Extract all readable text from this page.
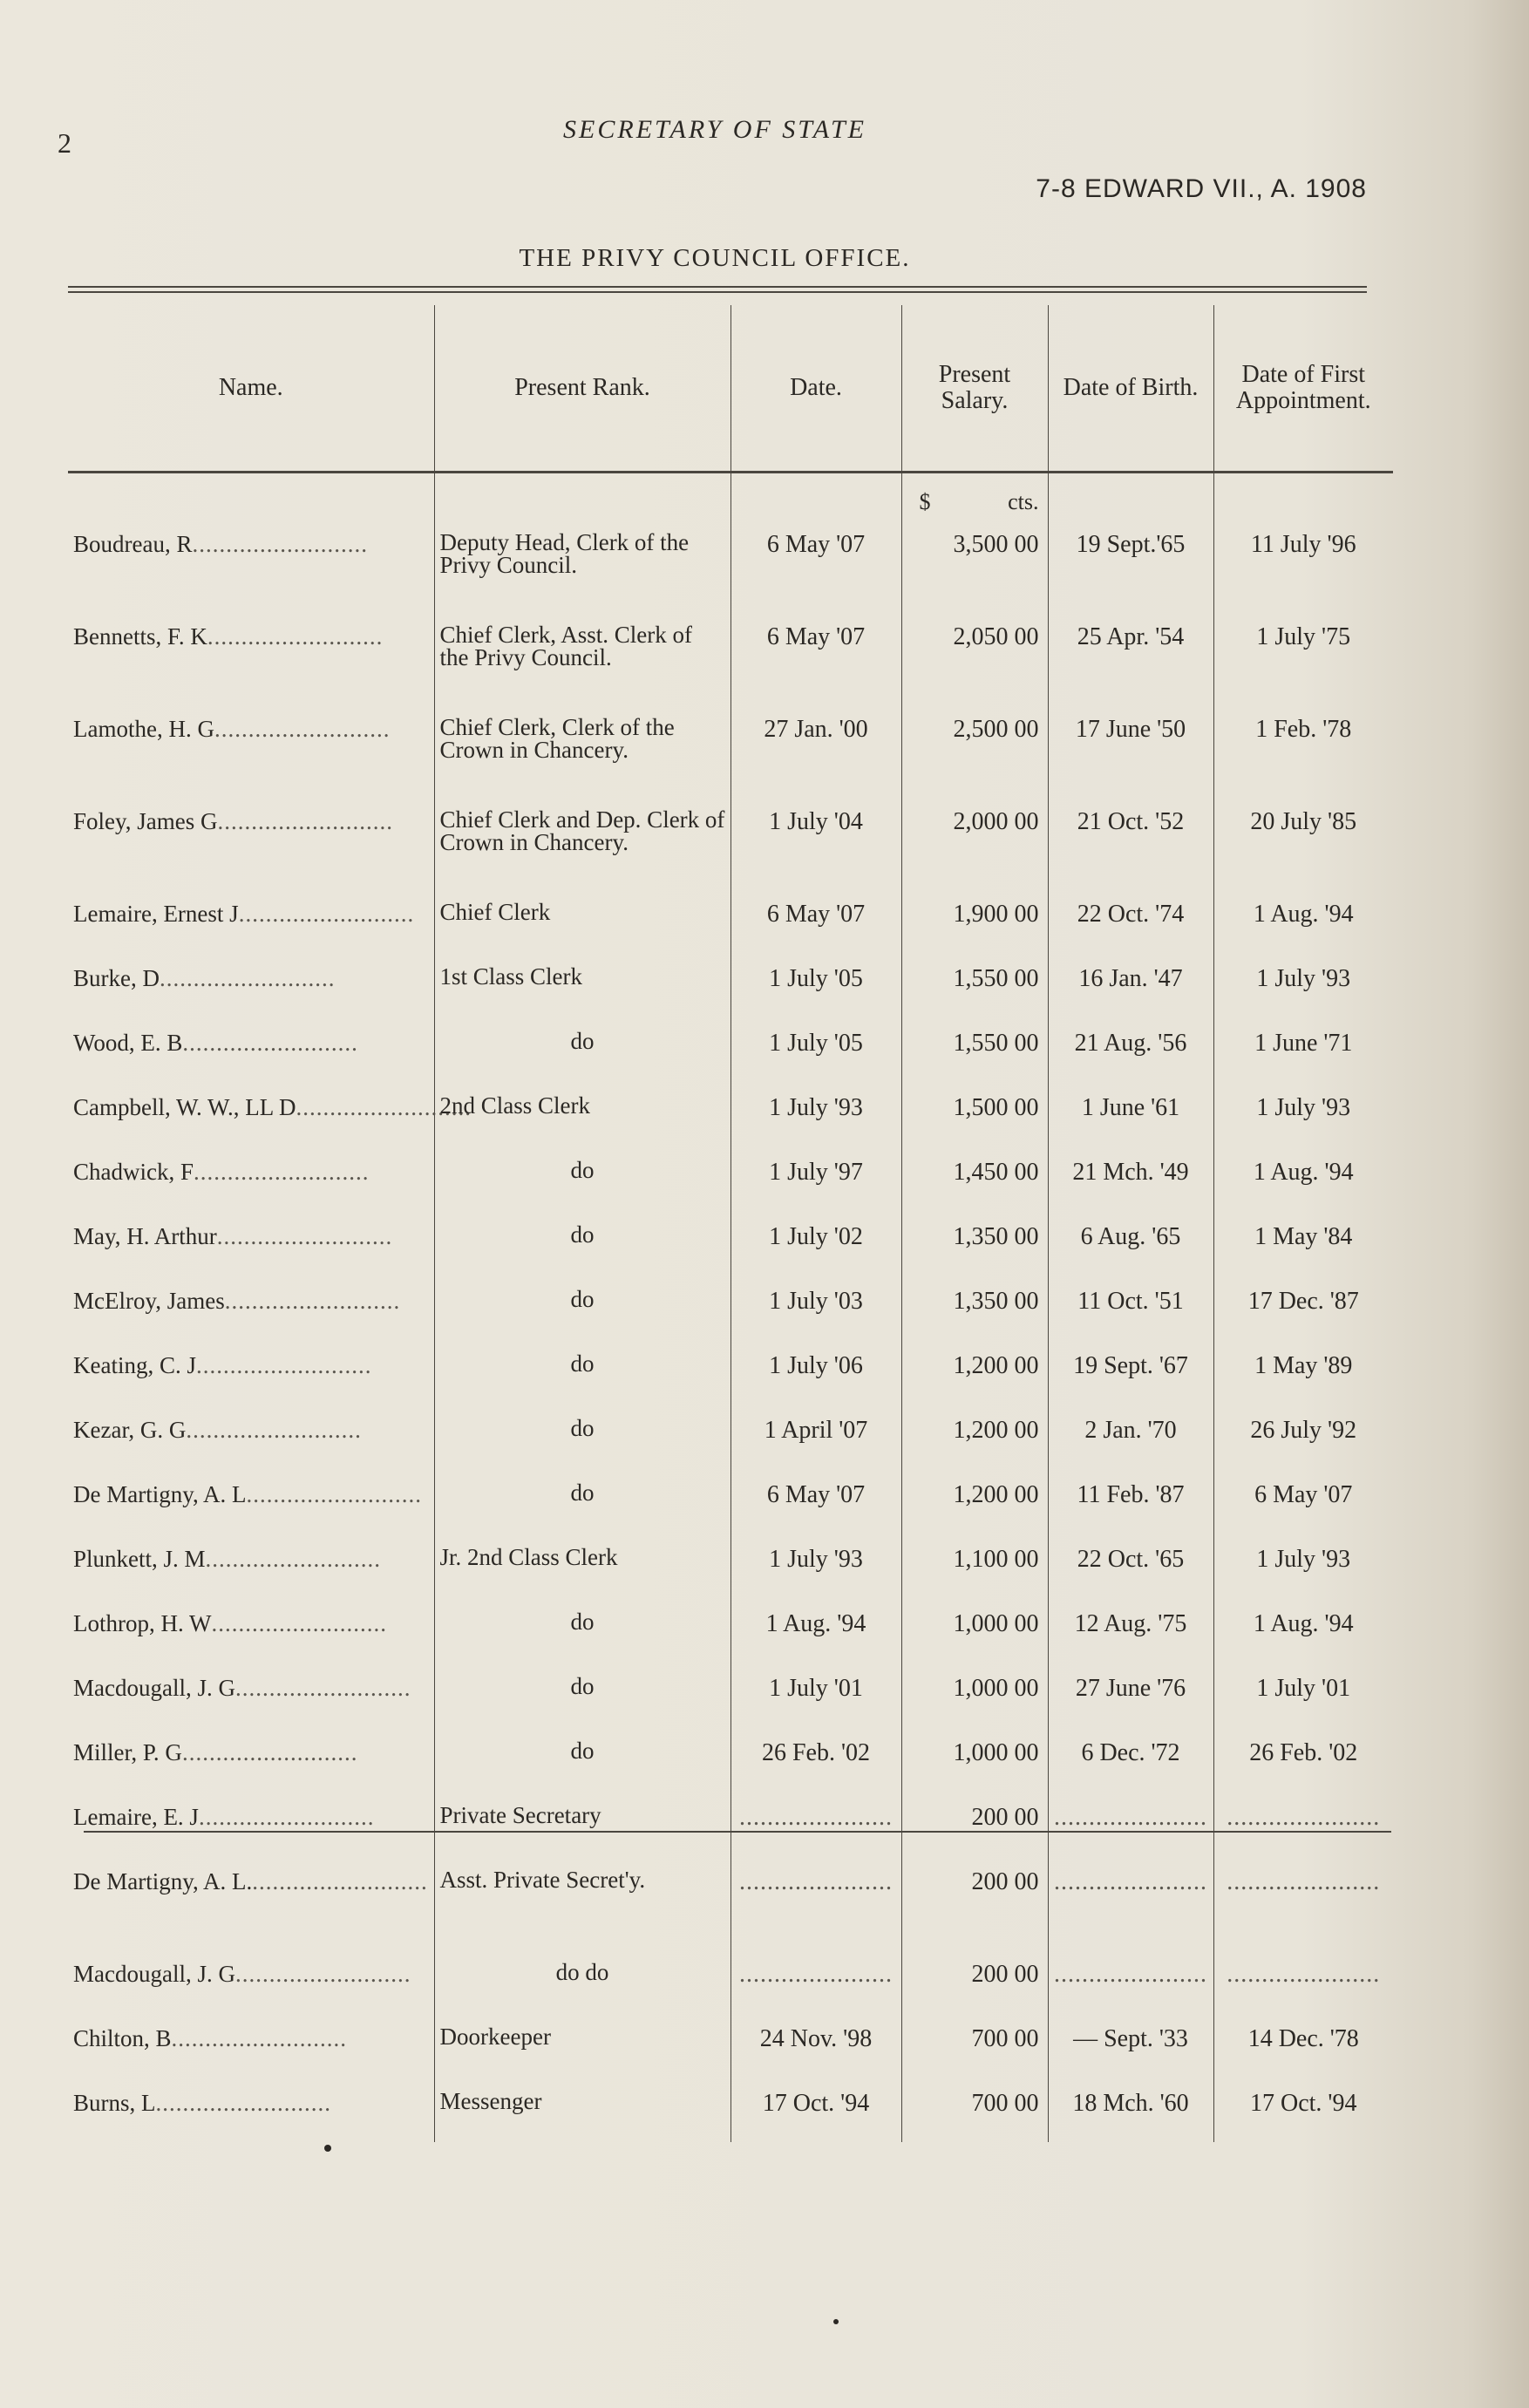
2	SECRETARY OF STATE
7-8 EDWARD VII., A. 1908
THE PRIVY COUNCIL OFFICE.
Name.	Present Rank.	Date.	Present Salary.	Date of Birth.	Date of First Appointment.

			$ cts.		

Boudreau, R..........................	Deputy Head, Clerk of the Privy Council.	6 May '07	3,500 00	19 Sept.'65	11 July '96
Bennetts, F. K..........................	Chief Clerk, Asst. Clerk of the Privy Council.	6 May '07	2,050 00	25 Apr. '54	1 July '75
Lamothe, H. G..........................	Chief Clerk, Clerk of the Crown in Chancery.	27 Jan. '00	2,500 00	17 June '50	1 Feb. '78
Foley, James G..........................	Chief Clerk and Dep. Clerk of Crown in Chancery.	1 July '04	2,000 00	21 Oct. '52	20 July '85
Lemaire, Ernest J..........................	Chief Clerk	6 May '07	1,900 00	22 Oct. '74	1 Aug. '94
Burke, D..........................	1st Class Clerk	1 July '05	1,550 00	16 Jan. '47	1 July '93
Wood, E. B..........................	do	1 July '05	1,550 00	21 Aug. '56	1 June '71
Campbell, W. W., LL D..........................	2nd Class Clerk	1 July '93	1,500 00	1 June '61	1 July '93
Chadwick, F..........................	do	1 July '97	1,450 00	21 Mch. '49	1 Aug. '94
May, H. Arthur..........................	do	1 July '02	1,350 00	6 Aug. '65	1 May '84
McElroy, James..........................	do	1 July '03	1,350 00	11 Oct. '51	17 Dec. '87
Keating, C. J..........................	do	1 July '06	1,200 00	19 Sept. '67	1 May '89
Kezar, G. G..........................	do	1 April '07	1,200 00	2 Jan. '70	26 July '92
De Martigny, A. L..........................	do	6 May '07	1,200 00	11 Feb. '87	6 May '07
Plunkett, J. M..........................	Jr. 2nd Class Clerk	1 July '93	1,100 00	22 Oct. '65	1 July '93
Lothrop, H. W..........................	do	1 Aug. '94	1,000 00	12 Aug. '75	1 Aug. '94
Macdougall, J. G..........................	do	1 July '01	1,000 00	27 June '76	1 July '01
Miller, P. G..........................	do	26 Feb. '02	1,000 00	6 Dec. '72	26 Feb. '02
Lemaire, E. J..........................	Private Secretary	......................	200 00	......................	......................
De Martigny, A. L...........................	Asst. Private Secret'y.	......................	200 00	......................	......................
Macdougall, J. G..........................	do do	......................	200 00	......................	......................
Chilton, B..........................	Doorkeeper	24 Nov. '98	700 00	— Sept. '33	14 Dec. '78
Burns, L..........................	Messenger	17 Oct. '94	700 00	18 Mch. '60	17 Oct. '94
